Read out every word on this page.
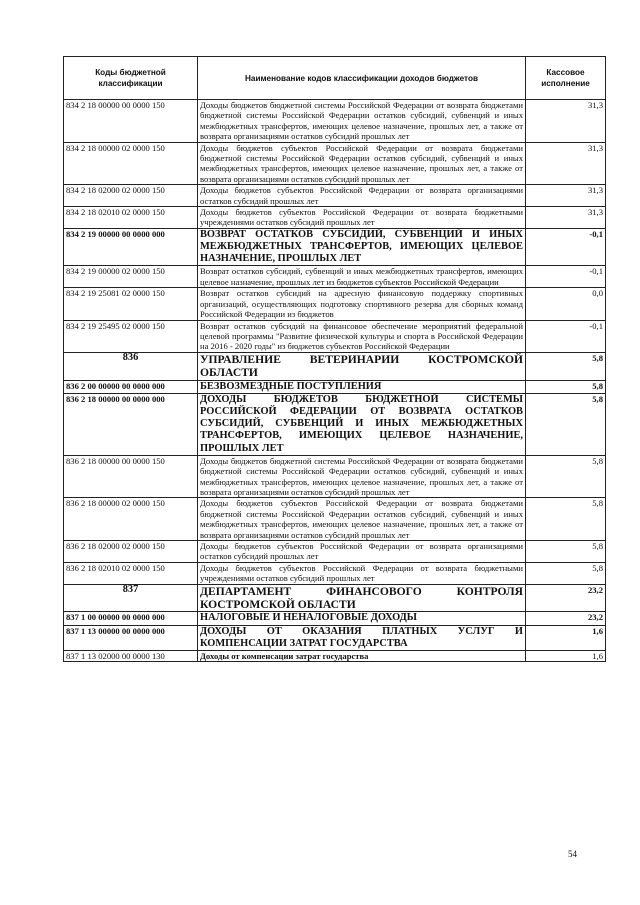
Коды бюджетной классификации	Наименование кодов классификации доходов бюджетов	Кассовое исполнение
834 2 18 00000 00 0000 150	Доходы бюджетов бюджетной системы Российской Федерации от возврата бюджетами бюджетной системы Российской Федерации остатков субсидий, субвенций и иных межбюджетных трансфертов, имеющих целевое назначение, прошлых лет, а также от возврата организациями остатков субсидий прошлых лет	31,3
834 2 18 00000 02 0000 150	Доходы бюджетов субъектов Российской Федерации от возврата бюджетами бюджетной системы Российской Федерации остатков субсидий, субвенций и иных межбюджетных трансфертов, имеющих целевое назначение, прошлых лет, а также от возврата организациями остатков субсидий прошлых лет	31,3
834 2 18 02000 02 0000 150	Доходы бюджетов субъектов Российской Федерации от возврата организациями остатков субсидий прошлых лет	31,3
834 2 18 02010 02 0000 150	Доходы бюджетов субъектов Российской Федерации от возврата бюджетными учреждениями остатков субсидий прошлых лет	31,3
834 2 19 00000 00 0000 000	ВОЗВРАТ ОСТАТКОВ СУБСИДИЙ, СУБВЕНЦИЙ И ИНЫХ МЕЖБЮДЖЕТНЫХ ТРАНСФЕРТОВ, ИМЕЮЩИХ ЦЕЛЕВОЕ НАЗНАЧЕНИЕ, ПРОШЛЫХ ЛЕТ	-0,1
834 2 19 00000 02 0000 150	Возврат остатков субсидий, субвенций и иных межбюджетных трансфертов, имеющих целевое назначение, прошлых лет из бюджетов субъектов Российской Федерации	-0,1
834 2 19 25081 02 0000 150	Возврат остатков субсидий на адресную финансовую поддержку спортивных организаций, осуществляющих подготовку спортивного резерва для сборных команд Российской Федерации из бюджетов	0,0
834 2 19 25495 02 0000 150	Возврат остатков субсидий на финансовое обеспечение мероприятий федеральной целевой программы "Развитие физической культуры и спорта в Российской Федерации на 2016 - 2020 годы" из бюджетов субъектов Российской Федерации	-0,1
836	УПРАВЛЕНИЕ ВЕТЕРИНАРИИ КОСТРОМСКОЙ ОБЛАСТИ	5,8
836 2 00 00000 00 0000 000	БЕЗВОЗМЕЗДНЫЕ ПОСТУПЛЕНИЯ	5,8
836 2 18 00000 00 0000 000	ДОХОДЫ БЮДЖЕТОВ БЮДЖЕТНОЙ СИСТЕМЫ РОССИЙСКОЙ ФЕДЕРАЦИИ ОТ ВОЗВРАТА ОСТАТКОВ СУБСИДИЙ, СУБВЕНЦИЙ И ИНЫХ МЕЖБЮДЖЕТНЫХ ТРАНСФЕРТОВ, ИМЕЮЩИХ ЦЕЛЕВОЕ НАЗНАЧЕНИЕ, ПРОШЛЫХ ЛЕТ	5,8
836 2 18 00000 00 0000 150	Доходы бюджетов бюджетной системы Российской Федерации от возврата бюджетами бюджетной системы Российской Федерации остатков субсидий, субвенций и иных межбюджетных трансфертов, имеющих целевое назначение, прошлых лет, а также от возврата организациями остатков субсидий прошлых лет	5,8
836 2 18 00000 02 0000 150	Доходы бюджетов субъектов Российской Федерации от возврата бюджетами бюджетной системы Российской Федерации остатков субсидий, субвенций и иных межбюджетных трансфертов, имеющих целевое назначение, прошлых лет, а также от возврата организациями остатков субсидий прошлых лет	5,8
836 2 18 02000 02 0000 150	Доходы бюджетов субъектов Российской Федерации от возврата организациями остатков субсидий прошлых лет	5,8
836 2 18 02010 02 0000 150	Доходы бюджетов субъектов Российской Федерации от возврата бюджетными учреждениями остатков субсидий прошлых лет	5,8
837	ДЕПАРТАМЕНТ ФИНАНСОВОГО КОНТРОЛЯ КОСТРОМСКОЙ ОБЛАСТИ	23,2
837 1 00 00000 00 0000 000	НАЛОГОВЫЕ И НЕНАЛОГОВЫЕ ДОХОДЫ	23,2
837 1 13 00000 00 0000 000	ДОХОДЫ ОТ ОКАЗАНИЯ ПЛАТНЫХ УСЛУГ И КОМПЕНСАЦИИ ЗАТРАТ ГОСУДАРСТВА	1,6
837 1 13 02000 00 0000 130	Доходы от компенсации затрат государства	1,6
54
